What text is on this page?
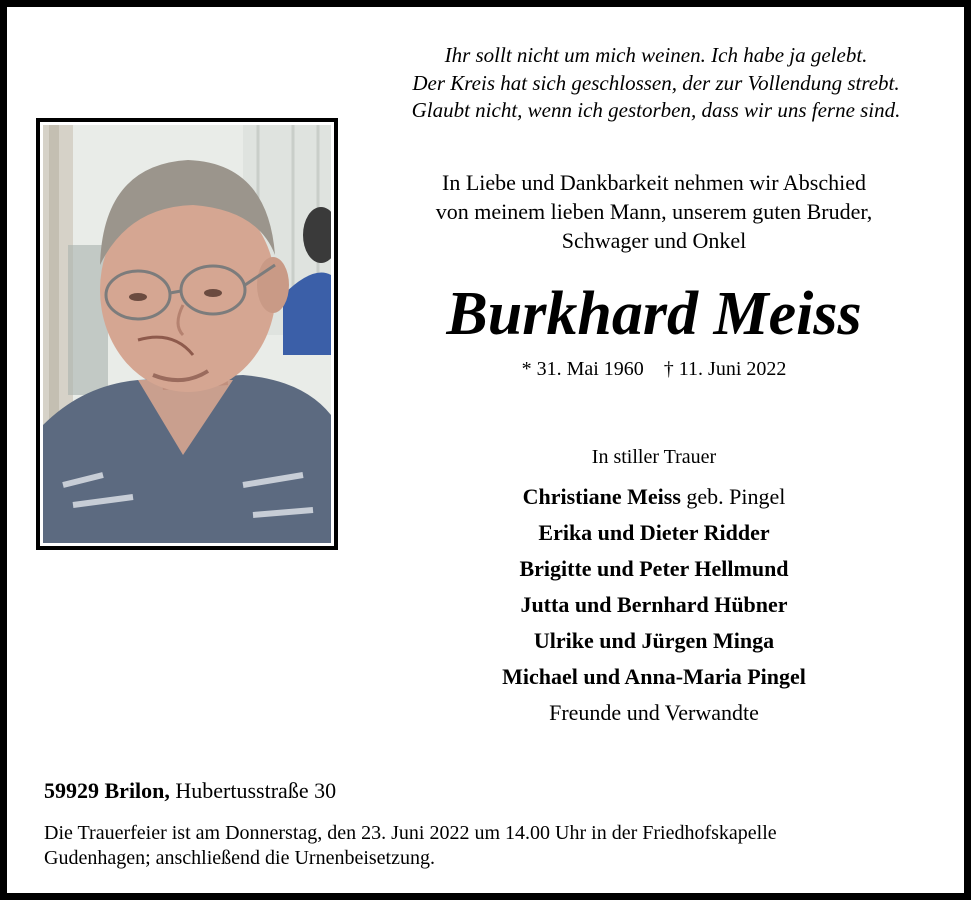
Ihr sollt nicht um mich weinen. Ich habe ja gelebt.
Der Kreis hat sich geschlossen, der zur Vollendung strebt.
Glaubt nicht, wenn ich gestorben, dass wir uns ferne sind.
In Liebe und Dankbarkeit nehmen wir Abschied
von meinem lieben Mann, unserem guten Bruder,
Schwager und Onkel
Burkhard Meiss
* 31. Mai 1960 † 11. Juni 2022
In stiller Trauer
Christiane Meiss geb. Pingel
Erika und Dieter Ridder
Brigitte und Peter Hellmund
Jutta und Bernhard Hübner
Ulrike und Jürgen Minga
Michael und Anna-Maria Pingel
Freunde und Verwandte
59929 Brilon, Hubertusstraße 30
Die Trauerfeier ist am Donnerstag, den 23. Juni 2022 um 14.00 Uhr in der Friedhofskapelle
Gudenhagen; anschließend die Urnenbeisetzung.
